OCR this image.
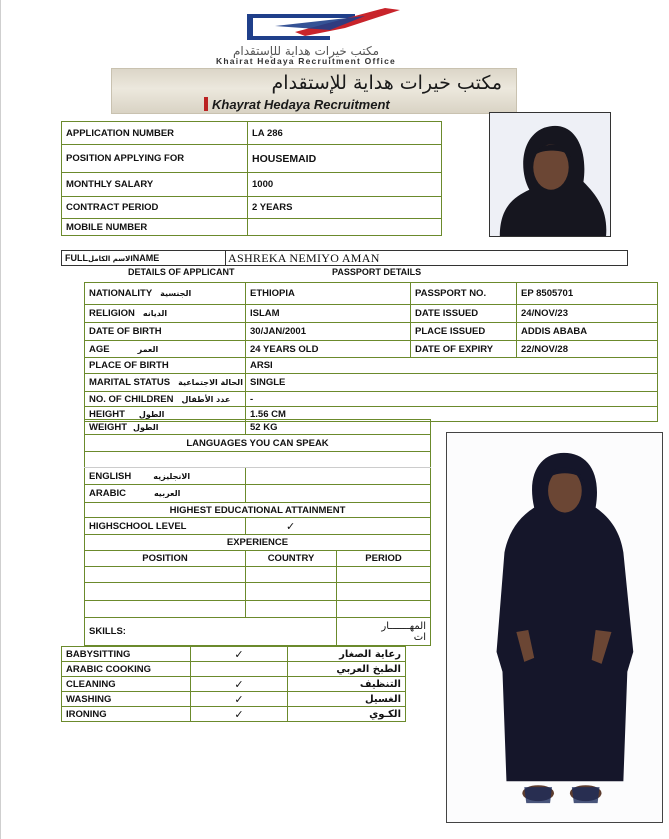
مكتب خيرات هداية للإستقدام
Khairat Hedaya Recruitment Office
مكتب خيرات هداية للإستقدام
Khayrat Hedaya Recruitment
APPLICATION NUMBER	LA 286
POSITION APPLYING FOR	HOUSEMAID
MONTHLY SALARY	1000
CONTRACT PERIOD	2 YEARS
MOBILE NUMBER	
FULLالاسم الكاملNAME	ASHREKA NEMIYO AMAN
DETAILS OF APPLICANT	PASSPORT DETAILS
NATIONALITY الجنسية	ETHIOPIA	PASSPORT NO.	EP 8505701
RELIGION الديانه	ISLAM	DATE ISSUED	24/NOV/23
DATE OF BIRTH	30/JAN/2001	PLACE ISSUED	ADDIS ABABA
AGE العمر	24 YEARS OLD	DATE OF EXPIRY	22/NOV/28
PLACE OF BIRTH	ARSI		
MARITAL STATUS الحالة الاجتماعية	SINGLE		
NO. OF CHILDREN عدد الأطفال	-		
HEIGHT الطول	1.56 CM		
WEIGHT الطول	52 KG	
LANGUAGES YOU CAN SPEAK		

ENGLISH الانجليزيه		
ARABIC العربيه		
HIGHEST EDUCATIONAL ATTAINMENT		
HIGHSCHOOL LEVEL	✓	
EXPERIENCE		
POSITION	COUNTRY	PERIOD

SKILLS:		المهـــــــار
ات
BABYSITTING	✓	رعاية الصغار
ARABIC COOKING		الطبخ العربي
CLEANING	✓	التنظيف
WASHING	✓	الغسيل
IRONING	✓	الكـوي
